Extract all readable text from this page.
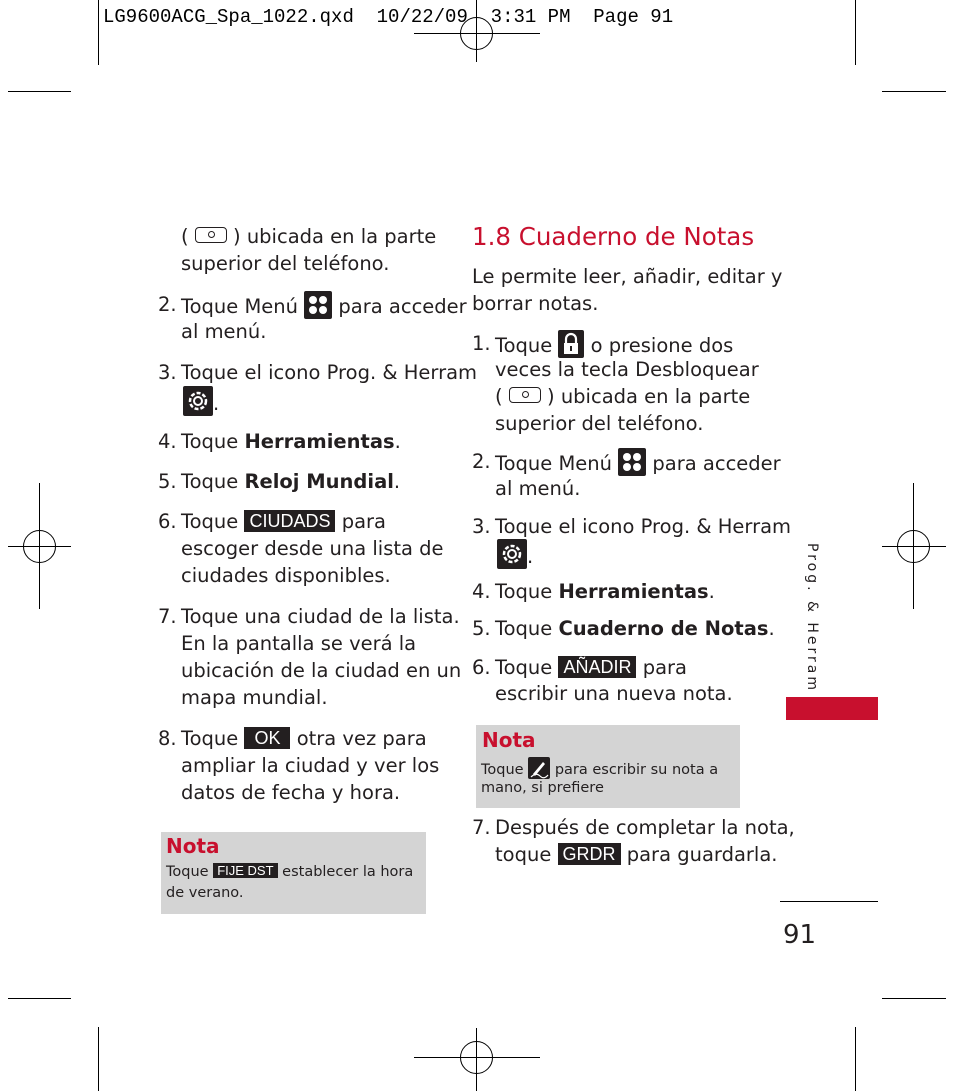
LG9600ACG_Spa_1022.qxd  10/22/09  3:31 PM  Page 91
(  ) ubicada en la parte
superior del teléfono.
2. Toque Menú para acceder
al menú.
3. Toque el icono Prog. & Herram
.
4. Toque Herramientas.
5. Toque Reloj Mundial.
6. Toque CIUDADS para
escoger desde una lista de
ciudades disponibles.
7. Toque una ciudad de la lista.
En la pantalla se verá la
ubicación de la ciudad en un
mapa mundial.
8. Toque OK otra vez para
ampliar la ciudad y ver los
datos de fecha y hora.
Nota
Toque FIJE DST establecer la hora
de verano.
1.8 Cuaderno de Notas
Le permite leer, añadir, editar y
borrar notas.
1. Toque o presione dos
veces la tecla Desbloquear
(  ) ubicada en la parte
superior del teléfono.
2. Toque Menú para acceder
al menú.
3. Toque el icono Prog. & Herram
.
4. Toque Herramientas.
5. Toque Cuaderno de Notas.
6. Toque AÑADIR para
escribir una nueva nota.
Nota
Toque para escribir su nota a
mano, si prefiere
7. Después de completar la nota,
toque GRDR para guardarla.
Prog. & Herram
91
